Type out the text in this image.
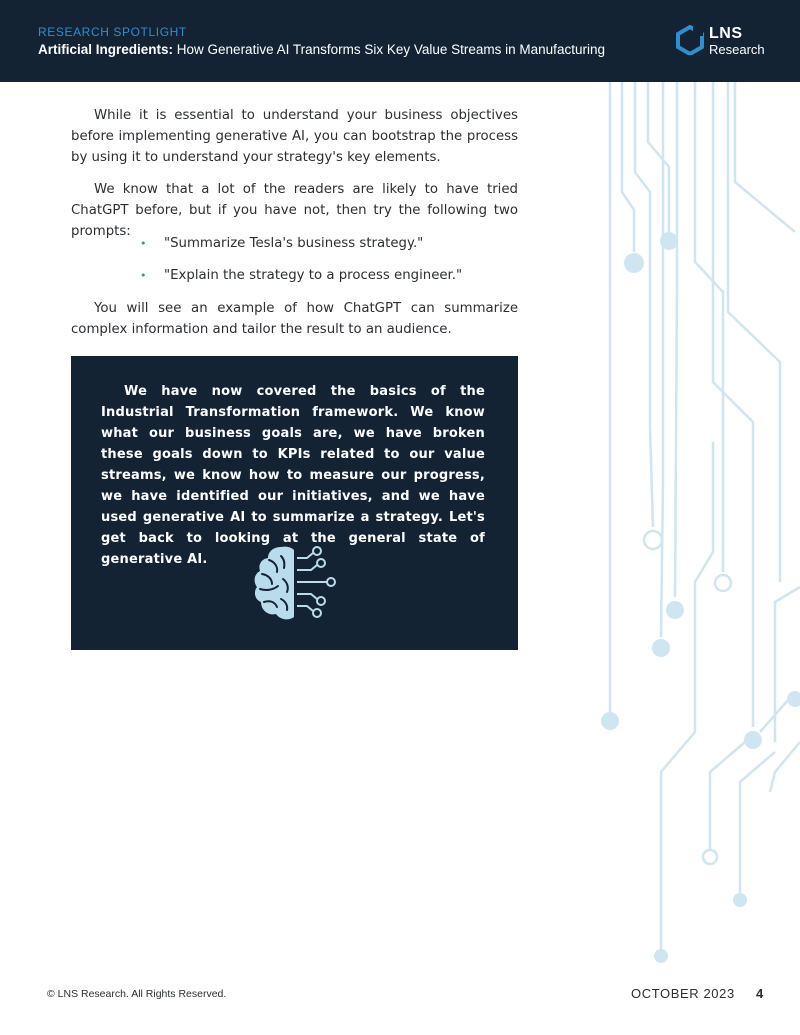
RESEARCH SPOTLIGHT
Artificial Ingredients: How Generative AI Transforms Six Key Value Streams in Manufacturing
LNS
Research

While it is essential to understand your business objectives before implementing generative AI, you can bootstrap the process by using it to understand your strategy's key elements.

We know that a lot of the readers are likely to have tried ChatGPT before, but if you have not, then try the following two prompts:

• "Summarize Tesla's business strategy."
• "Explain the strategy to a process engineer."

You will see an example of how ChatGPT can summarize complex information and tailor the result to an audience.

We have now covered the basics of the Industrial Transformation framework. We know what our business goals are, we have broken these goals down to KPIs related to our value streams, we know how to measure our progress, we have identified our initiatives, and we have used generative AI to summarize a strategy. Let's get back to looking at the general state of generative AI.

© LNS Research. All Rights Reserved.	OCTOBER 2023 4
